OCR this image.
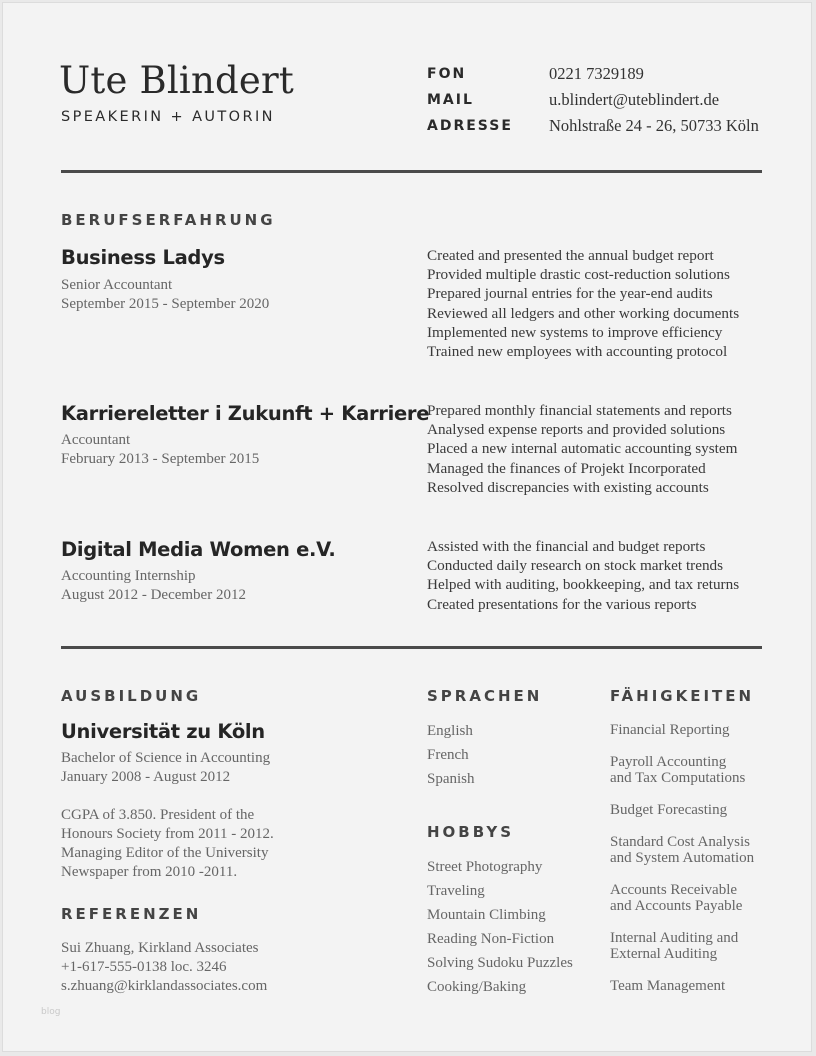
Ute Blindert
SPEAKERIN + AUTORIN
FON	0221 7329189
MAIL	u.blindert@uteblindert.de
ADRESSE Nohlstraße 24 - 26, 50733 Köln
BERUFSERFAHRUNG
Business Ladys
Senior Accountant
September 2015 - September 2020
Created and presented the annual budget report
Provided multiple drastic cost-reduction solutions
Prepared journal entries for the year-end audits
Reviewed all ledgers and other working documents
Implemented new systems to improve efficiency
Trained new employees with accounting protocol
Karriereletter i Zukunft + Karriere
Accountant
February 2013 - September 2015
Prepared monthly financial statements and reports
Analysed expense reports and provided solutions
Placed a new internal automatic accounting system
Managed the finances of Projekt Incorporated
Resolved discrepancies with existing accounts
Digital Media Women e.V.
Accounting Internship
August 2012 - December 2012
Assisted with the financial and budget reports
Conducted daily research on stock market trends
Helped with auditing, bookkeeping, and tax returns
Created presentations for the various reports
AUSBILDUNG
Universität zu Köln
Bachelor of Science in Accounting
January 2008 - August 2012
CGPA of 3.850. President of the
Honours Society from 2011 - 2012.
Managing Editor of the University
Newspaper from 2010 -2011.
REFERENZEN
Sui Zhuang, Kirkland Associates
+1-617-555-0138 loc. 3246
s.zhuang@kirklandassociates.com
SPRACHEN
English
French
Spanish
HOBBYS
Street Photography
Traveling
Mountain Climbing
Reading Non-Fiction
Solving Sudoku Puzzles
Cooking/Baking
FÄHIGKEITEN
Financial Reporting
Payroll Accounting
and Tax Computations
Budget Forecasting
Standard Cost Analysis
and System Automation
Accounts Receivable
and Accounts Payable
Internal Auditing and
External Auditing
Team Management
blog
